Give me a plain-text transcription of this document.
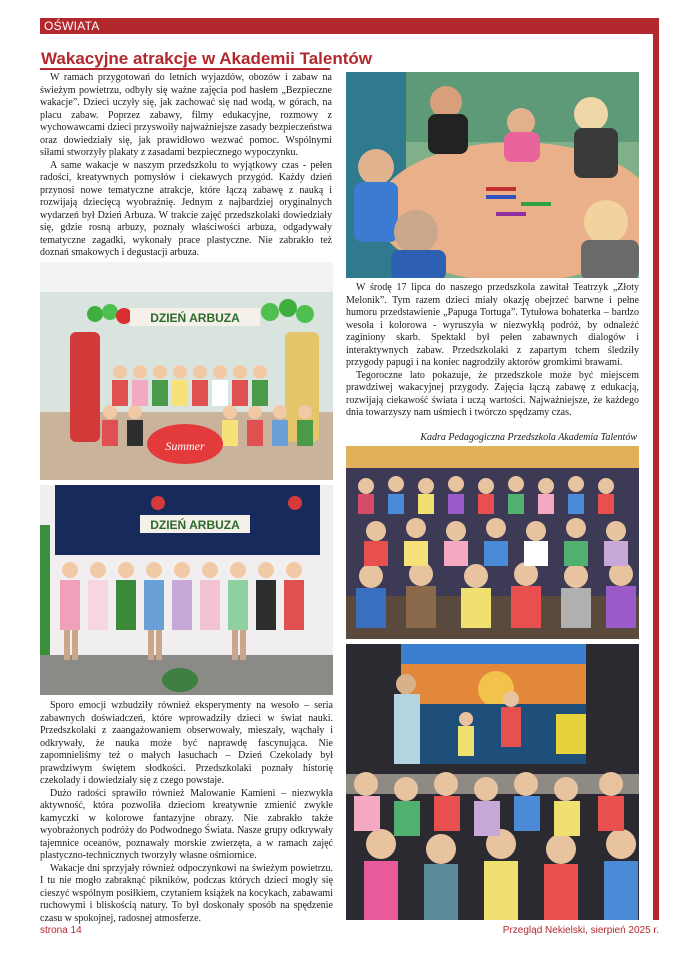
OŚWIATA
Wakacyjne atrakcje w Akademii Talentów

W ramach przygotowań do letnich wyjazdów, obozów i zabaw na świeżym powietrzu, odbyły się ważne zajęcia pod hasłem „Bezpieczne wakacje”. Dzieci uczyły się, jak zachować się nad wodą, w górach, na placu zabaw. Poprzez zabawy, filmy edukacyjne, rozmowy z wychowawcami dzieci przyswoiły najważniejsze zasady bezpieczeństwa oraz dowiedziały się, jak prawidłowo wezwać pomoc. Wspólnymi siłami stworzyły plakaty z zasadami bezpiecznego wypoczynku.

A same wakacje w naszym przedszkolu to wyjątkowy czas - pełen radości, kreatywnych pomysłów i ciekawych przygód. Każdy dzień przynosi nowe tematyczne atrakcje, które łączą zabawę z nauką i rozwijają dziecięcą wyobraźnię. Jednym z najbardziej oryginalnych wydarzeń był Dzień Arbuza. W trakcie zajęć przedszkolaki dowiedziały się, gdzie rosną arbuzy, poznały właściwości arbuza, odgadywały tematyczne zagadki, wykonały prace plastyczne. Nie zabrakło też doznań smakowych i degustacji arbuza.

W środę 17 lipca do naszego przedszkola zawitał Teatrzyk „Złoty Melonik”. Tym razem dzieci miały okazję obejrzeć barwne i pełne humoru przedstawienie „Papuga Tortuga”. Tytułowa bohaterka – bardzo wesoła i kolorowa - wyruszyła w niezwykłą podróż, by odnaleźć zaginiony skarb. Spektakl był pełen zabawnych dialogów i interaktywnych zabaw. Przedszkolaki z zapartym tchem śledziły przygody papugi i na koniec nagrodziły aktorów gromkimi brawami.

Tegoroczne lato pokazuje, że przedszkole może być miejscem prawdziwej wakacyjnej przygody. Zajęcia łączą zabawę z edukacją, rozwijają ciekawość świata i uczą wartości. Najważniejsze, że każdego dnia towarzyszy nam uśmiech i twórczo spędzamy czas.

Kadra Pedagogiczna Przedszkola Akademia Talentów
DZIEŃ ARBUZA
Summer
DZIEŃ ARBUZA

Sporo emocji wzbudziły również eksperymenty na wesoło – seria zabawnych doświadczeń, które wprowadziły dzieci w świat nauki. Przedszkolaki z zaangażowaniem obserwowały, mieszały, wąchały i odkrywały, że nauka może być naprawdę fascynująca. Nie zapomnieliśmy też o małych łasuchach – Dzień Czekolady był prawdziwym świętem słodkości. Przedszkolaki poznały historię czekolady i dowiedziały się z czego powstaje.

Dużo radości sprawiło również Malowanie Kamieni – niezwykła aktywność, która pozwoliła dzieciom kreatywnie zmienić zwykłe kamyczki w kolorowe fantazyjne obrazy. Nie zabrakło także wyobrażonych podróży do Podwodnego Świata. Nasze grupy odkrywały tajemnice oceanów, poznawały morskie zwierzęta, a w ramach zajęć plastyczno-technicznych tworzyły własne ośmiornice.

Wakacje dni sprzyjały również odpoczynkowi na świeżym powietrzu. I tu nie mogło zabraknąć pikników, podczas których dzieci mogły się cieszyć wspólnym posiłkiem, czytaniem książek na kocykach, zabawami ruchowymi i bliskością natury. To był doskonały sposób na spędzenie czasu w spokojnej, radosnej atmosferze.

strona 14	Przegląd Nekielski, sierpień 2025 r.
